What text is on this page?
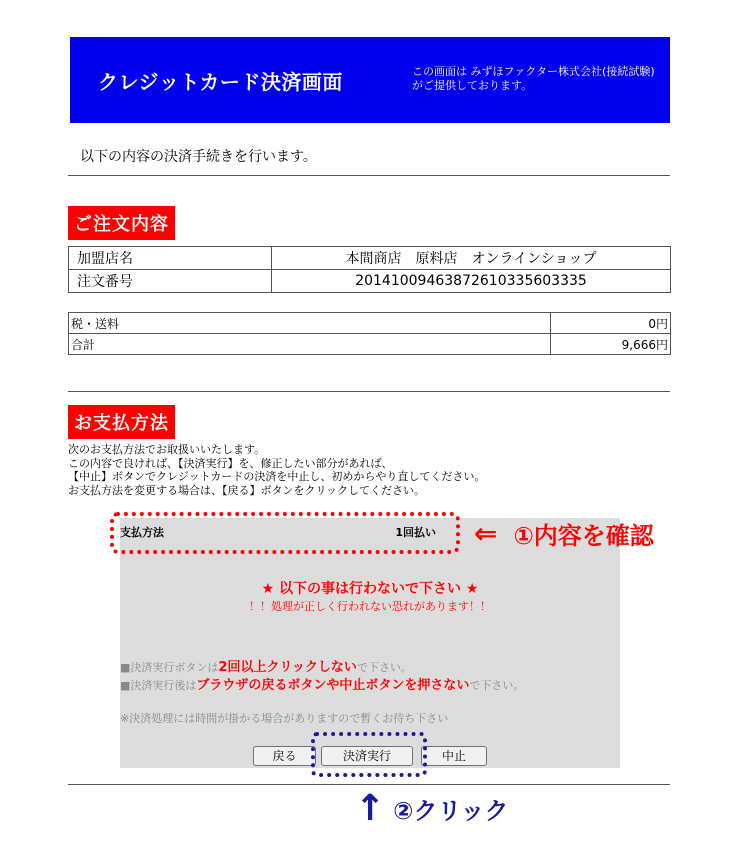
クレジットカード決済画面	この画面は みずほファクター株式会社(接続試験) がご提供しております。
以下の内容の決済手続きを行います。
ご注文内容
加盟店名	本間商店　原料店　オンラインショップ
注文番号	20141009463872610335603335
税・送料	0円
合計	9,666円
お支払方法
次のお支払方法でお取扱いいたします。
この内容で良ければ、【決済実行】を、修正したい部分があれば、
【中止】ボタンでクレジットカードの決済を中止し、初めからやり直してください。
お支払方法を変更する場合は、【戻る】ボタンをクリックしてください。
支払方法	1回払い
★ 以下の事は行わないで下さい ★
！！処理が正しく行われない恐れがあります！！
■決済実行ボタンは2回以上クリックしないで下さい。
■決済実行後はブラウザの戻るボタンや中止ボタンを押さないで下さい。
※決済処理には時間が掛かる場合がありますので暫くお待ち下さい
戻る	決済実行	中止
⇐ ①内容を確認
↑ ②クリック
